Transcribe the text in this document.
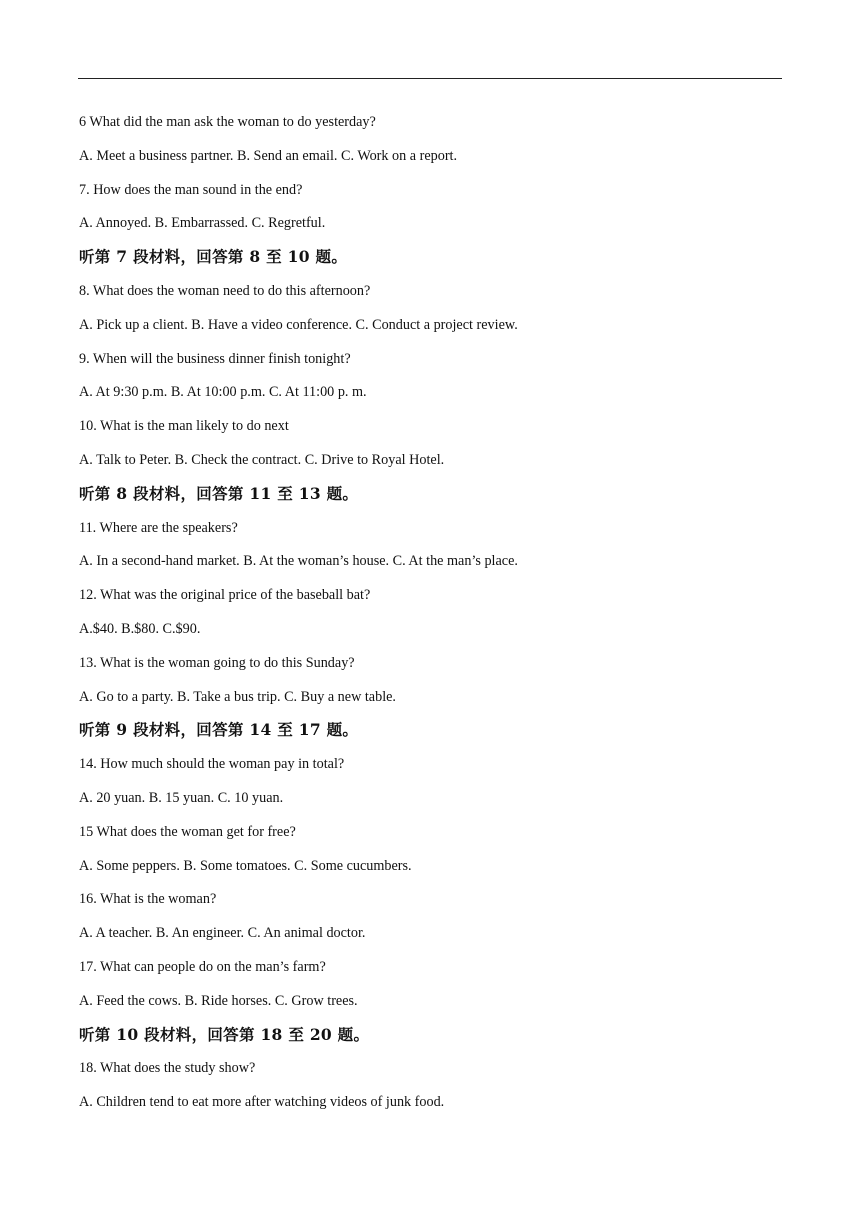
6 What did the man ask the woman to do yesterday?
A. Meet a business partner. B. Send an email. C. Work on a report.
7. How does the man sound in the end?
A. Annoyed. B. Embarrassed. C. Regretful.
听第 7 段材料，回答第 8 至 10 题。
8. What does the woman need to do this afternoon?
A. Pick up a client. B. Have a video conference. C. Conduct a project review.
9. When will the business dinner finish tonight?
A. At 9:30 p.m. B. At 10:00 p.m. C. At 11:00 p. m.
10. What is the man likely to do next
A. Talk to Peter. B. Check the contract. C. Drive to Royal Hotel.
听第 8 段材料，回答第 11 至 13 题。
11. Where are the speakers?
A. In a second-hand market. B. At the woman’s house. C. At the man’s place.
12. What was the original price of the baseball bat?
A.$40. B.$80. C.$90.
13. What is the woman going to do this Sunday?
A. Go to a party. B. Take a bus trip. C. Buy a new table.
听第 9 段材料，回答第 14 至 17 题。
14. How much should the woman pay in total?
A. 20 yuan. B. 15 yuan. C. 10 yuan.
15 What does the woman get for free?
A. Some peppers. B. Some tomatoes. C. Some cucumbers.
16. What is the woman?
A. A teacher. B. An engineer. C. An animal doctor.
17. What can people do on the man’s farm?
A. Feed the cows. B. Ride horses. C. Grow trees.
听第 10 段材料，回答第 18 至 20 题。
18. What does the study show?
A. Children tend to eat more after watching videos of junk food.
